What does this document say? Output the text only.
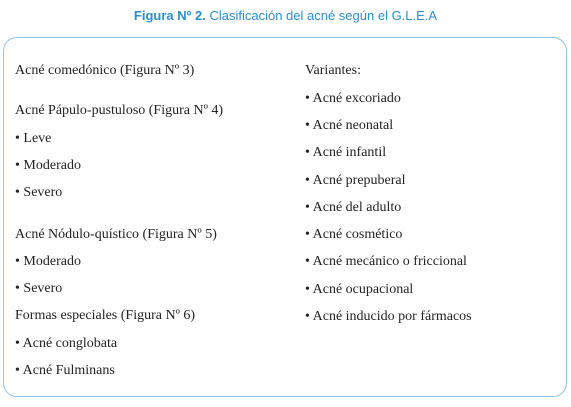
Figura Nº 2. Clasificación del acné según el G.L.E.A
Acné comedónico (Figura Nº 3)
Acné Pápulo-pustuloso (Figura Nº 4)
• Leve
• Moderado
• Severo
Acné Nódulo-quístico (Figura Nº 5)
• Moderado
• Severo
Formas especiales (Figura Nº 6)
• Acné conglobata
• Acné Fulminans
Variantes:
• Acné excoriado
• Acné neonatal
• Acné infantil
• Acné prepuberal
• Acné del adulto
• Acné cosmético
• Acné mecánico o friccional
• Acné ocupacional
• Acné inducido por fármacos
